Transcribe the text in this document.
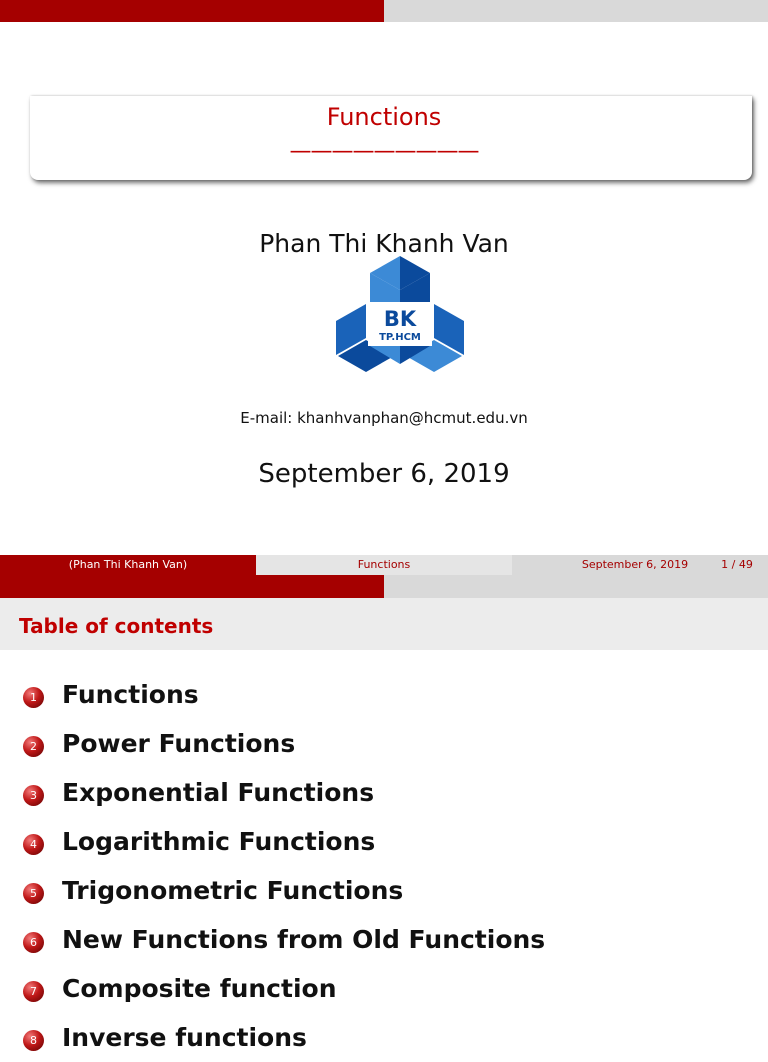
Functions
—————————
Phan Thi Khanh Van
BK
TP.HCM
E-mail: khanhvanphan@hcmut.edu.vn
September 6, 2019
(Phan Thi Khanh Van)	Functions	September 6, 2019	1 / 49
Table of contents
1 Functions
2 Power Functions
3 Exponential Functions
4 Logarithmic Functions
5 Trigonometric Functions
6 New Functions from Old Functions
7 Composite function
8 Inverse functions
